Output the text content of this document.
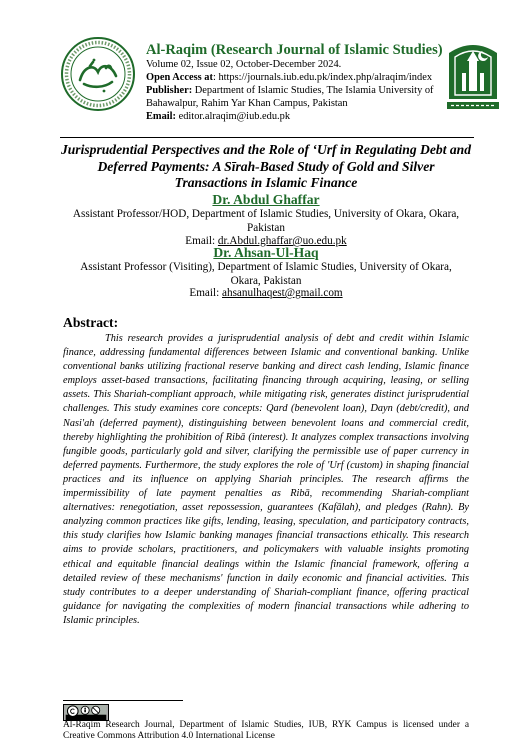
Al-Raqim (Research Journal of Islamic Studies)
Volume 02, Issue 02, October-December 2024.
Open Access at: https://journals.iub.edu.pk/index.php/alraqim/index
Publisher: Department of Islamic Studies, The Islamia University of
Bahawalpur, Rahim Yar Khan Campus, Pakistan
Email: editor.alraqim@iub.edu.pk
Jurisprudential Perspectives and the Role of ‘Urf in Regulating Debt and
Deferred Payments: A Sīrah-Based Study of Gold and Silver
Transactions in Islamic Finance
Dr. Abdul Ghaffar
Assistant Professor/HOD, Department of Islamic Studies, University of Okara, Okara,
Pakistan
Email: dr.Abdul.ghaffar@uo.edu.pk
Dr. Ahsan-Ul-Haq
Assistant Professor (Visiting), Department of Islamic Studies, University of Okara,
Okara, Pakistan
Email: ahsanulhaqest@gmail.com
Abstract:
This research provides a jurisprudential analysis of debt and credit within Islamic finance, addressing fundamental differences between Islamic and conventional banking. Unlike conventional banks utilizing fractional reserve banking and direct cash lending, Islamic finance employs asset-based transactions, facilitating financing through acquiring, leasing, or selling assets. This Shariah-compliant approach, while mitigating risk, generates distinct jurisprudential challenges. This study examines core concepts: Qard (benevolent loan), Dayn (debt/credit), and Nasi'ah (deferred payment), distinguishing between benevolent loans and commercial credit, thereby highlighting the prohibition of Ribā (interest). It analyzes complex transactions involving fungible goods, particularly gold and silver, clarifying the permissible use of paper currency in deferred payments. Furthermore, the study explores the role of 'Urf (custom) in shaping financial practices and its influence on applying Shariah principles. The research affirms the impermissibility of late payment penalties as Ribā, recommending Shariah-compliant alternatives: renegotiation, asset repossession, guarantees (Kafālah), and pledges (Rahn). By analyzing common practices like gifts, lending, leasing, speculation, and participatory contracts, this study clarifies how Islamic banking manages financial transactions ethically. This research aims to provide scholars, practitioners, and policymakers with valuable insights promoting ethical and equitable financial dealings within the Islamic financial framework, offering a detailed review of these mechanisms' function in daily economic and financial activities. This study contributes to a deeper understanding of Shariah-compliant finance, offering practical guidance for navigating the complexities of modern financial transactions while adhering to Islamic principles.
Al-Raqim Research Journal, Department of Islamic Studies, IUB, RYK Campus is licensed under a Creative Commons Attribution 4.0 International License
